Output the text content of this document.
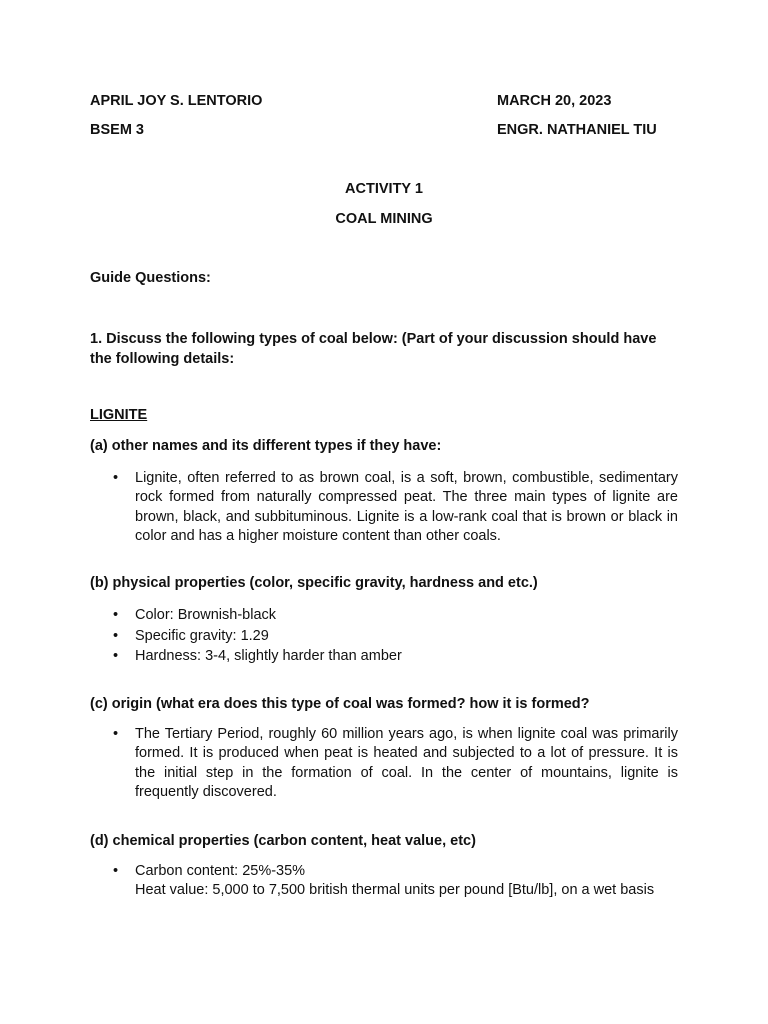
APRIL JOY S. LENTORIO	MARCH 20, 2023
BSEM 3	ENGR. NATHANIEL TIU
ACTIVITY 1
COAL MINING
Guide Questions:
1. Discuss the following types of coal below: (Part of your discussion should have the following details:
LIGNITE
(a) other names and its different types if they have:
• Lignite, often referred to as brown coal, is a soft, brown, combustible, sedimentary rock formed from naturally compressed peat. The three main types of lignite are brown, black, and subbituminous. Lignite is a low-rank coal that is brown or black in color and has a higher moisture content than other coals.
(b) physical properties (color, specific gravity, hardness and etc.)
• Color: Brownish-black
• Specific gravity: 1.29
• Hardness: 3-4, slightly harder than amber
(c) origin (what era does this type of coal was formed? how it is formed?
• The Tertiary Period, roughly 60 million years ago, is when lignite coal was primarily formed. It is produced when peat is heated and subjected to a lot of pressure. It is the initial step in the formation of coal. In the center of mountains, lignite is frequently discovered.
(d) chemical properties (carbon content, heat value, etc)
• Carbon content: 25%-35%
Heat value: 5,000 to 7,500 british thermal units per pound [Btu/lb], on a wet basis
